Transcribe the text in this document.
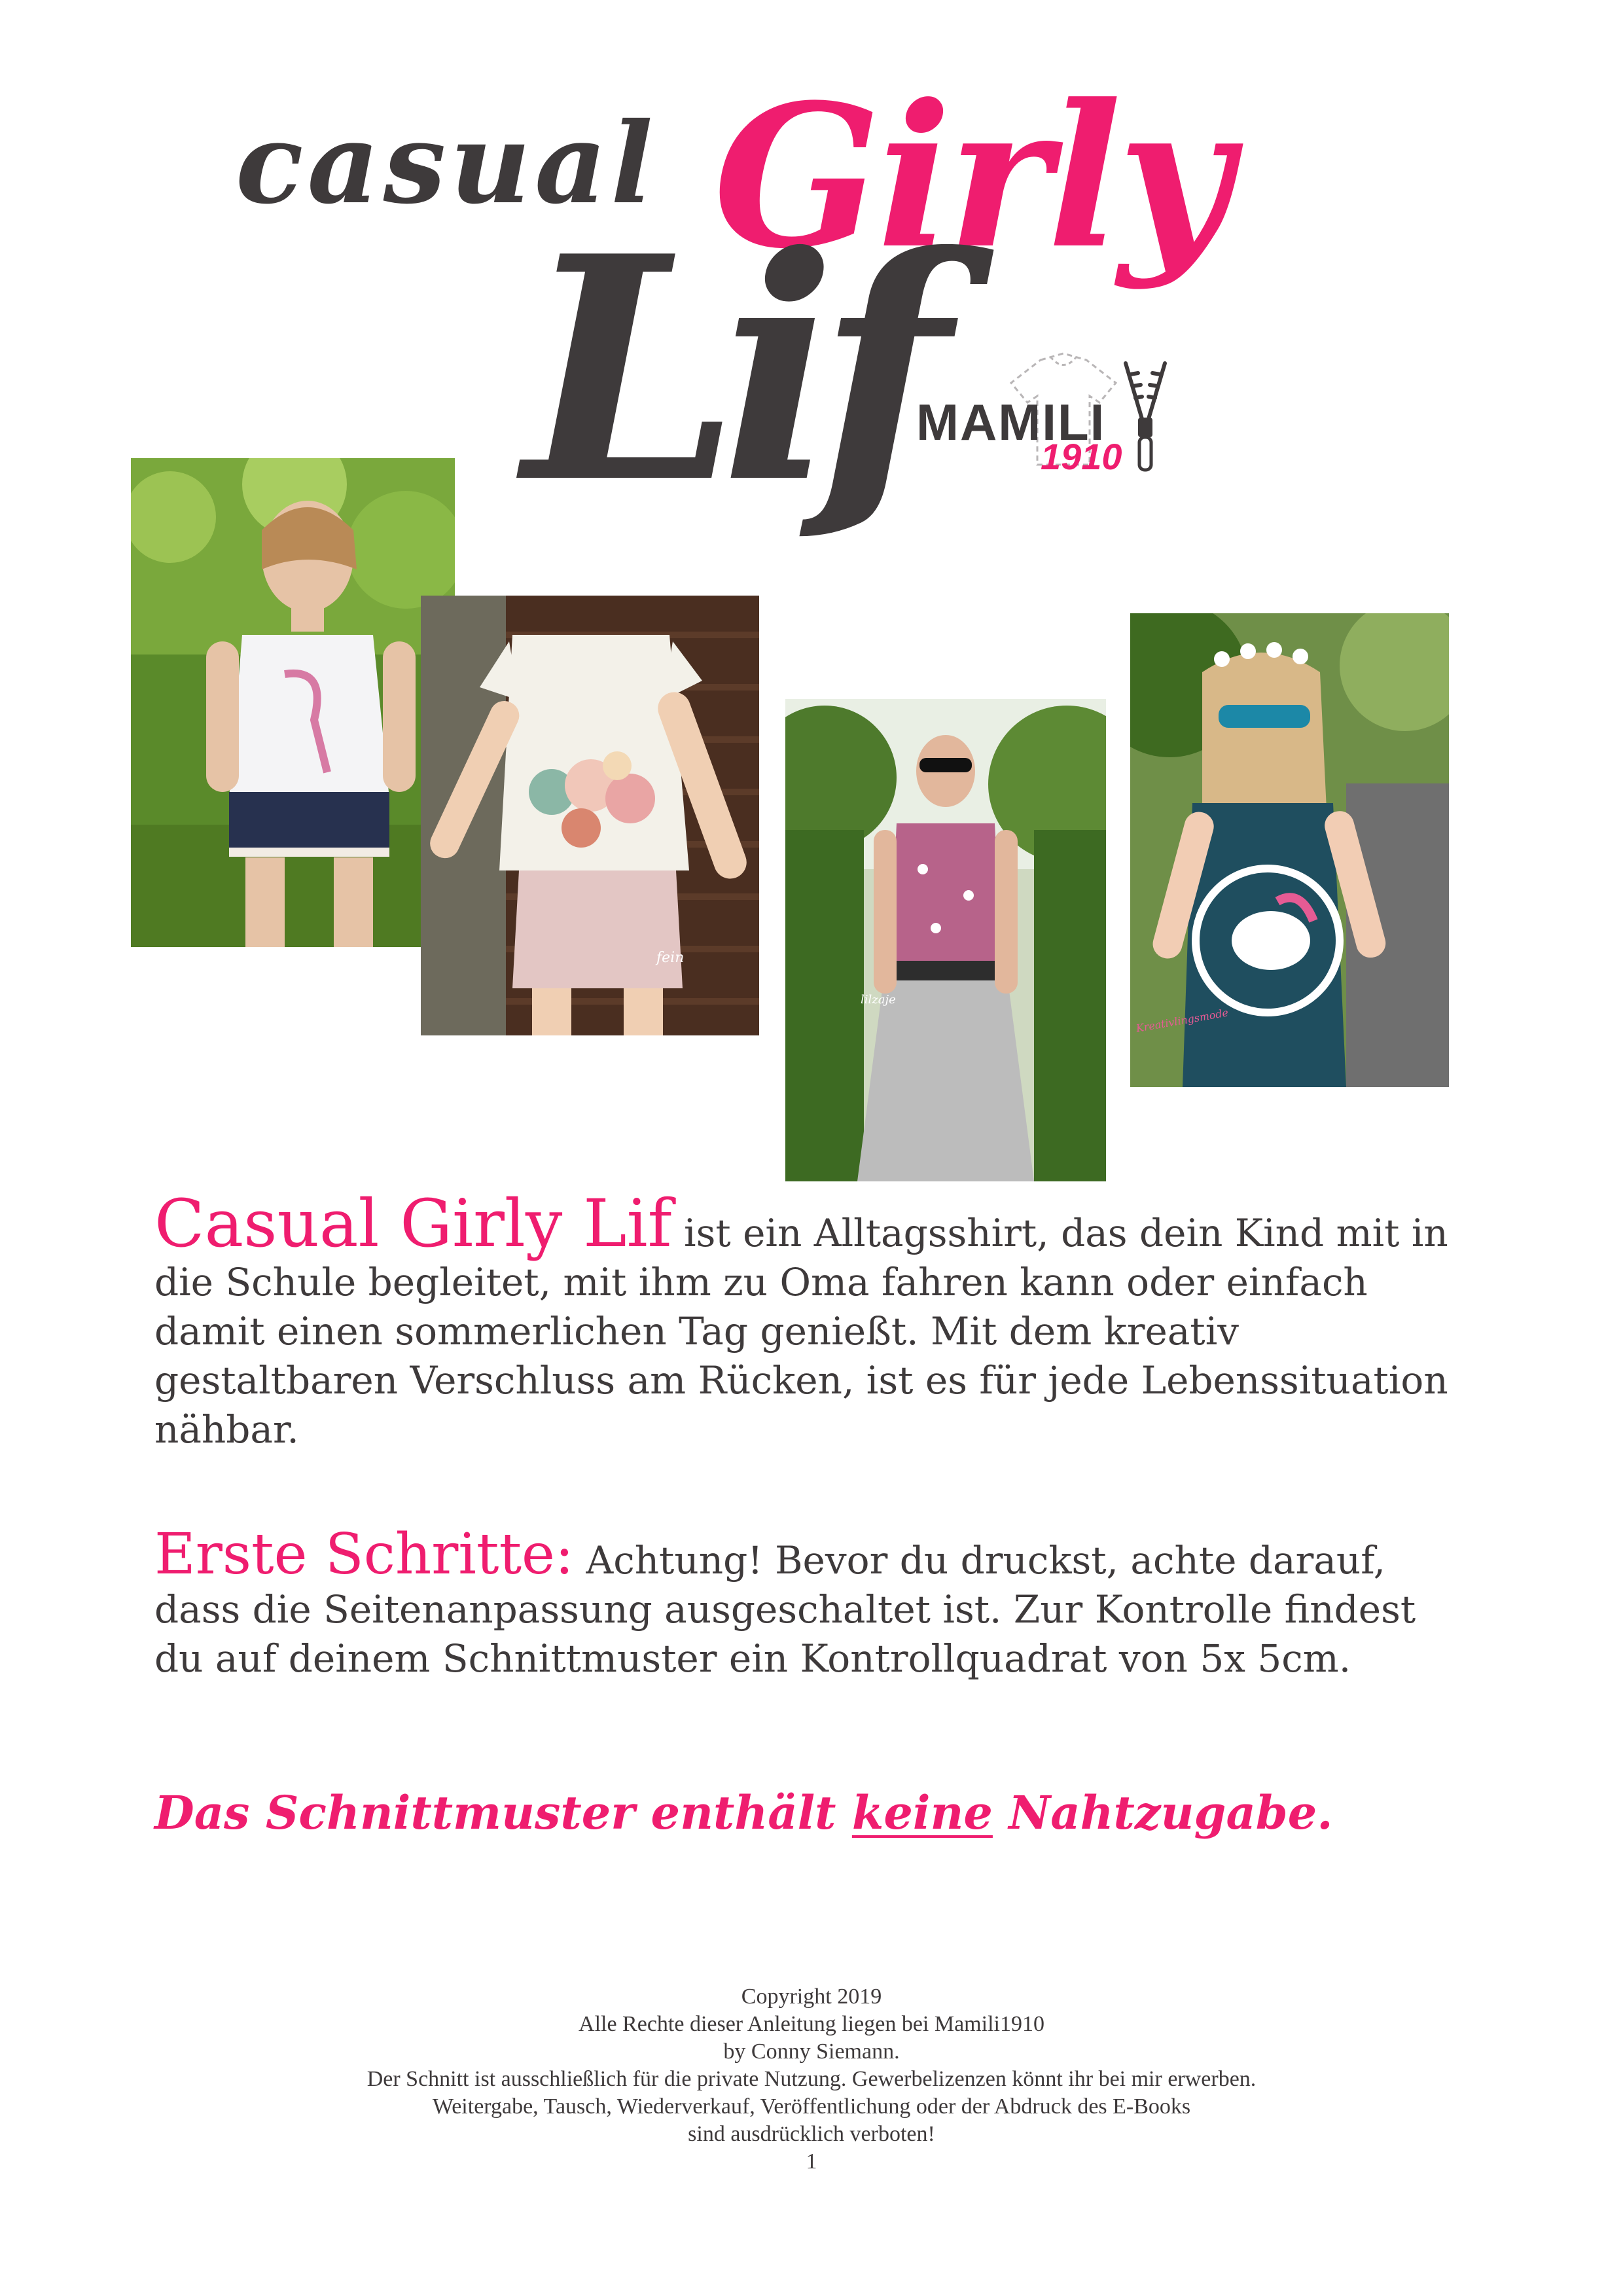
casual Girly
Lif
MAMILI
1910
fein
lilzaje
Kreativlingsmode
Casual Girly Lif ist ein Alltagsshirt, das dein Kind mit in die Schule begleitet, mit ihm zu Oma fahren kann oder einfach damit einen sommerlichen Tag genießt. Mit dem kreativ gestaltbaren Verschluss am Rücken, ist es für jede Lebenssituation nähbar.
Erste Schritte: Achtung! Bevor du druckst, achte darauf, dass die Seitenanpassung ausgeschaltet ist. Zur Kontrolle findest du auf deinem Schnittmuster ein Kontrollquadrat von 5x 5cm.
Das Schnittmuster enthält keine Nahtzugabe.
Copyright 2019
Alle Rechte dieser Anleitung liegen bei Mamili1910
by Conny Siemann.
Der Schnitt ist ausschließlich für die private Nutzung. Gewerbelizenzen könnt ihr bei mir erwerben.
Weitergabe, Tausch, Wiederverkauf, Veröffentlichung oder der Abdruck des E-Books
sind ausdrücklich verboten!
1
